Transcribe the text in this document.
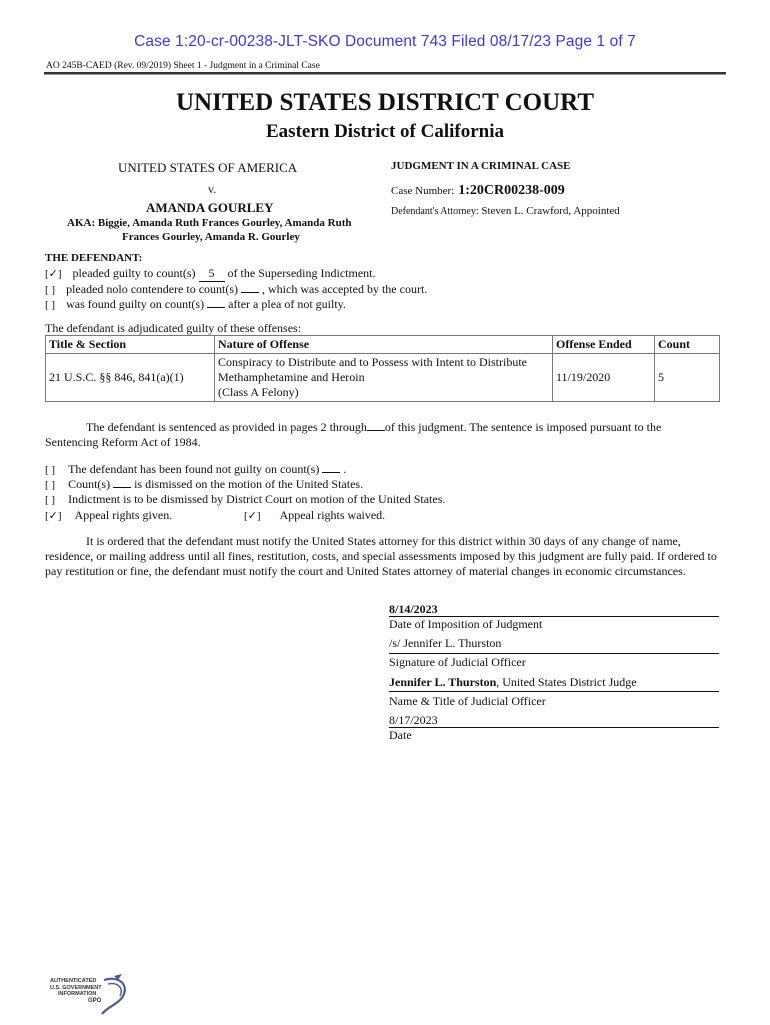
Case 1:20-cr-00238-JLT-SKO Document 743 Filed 08/17/23 Page 1 of 7
AO 245B-CAED (Rev. 09/2019) Sheet 1 - Judgment in a Criminal Case
UNITED STATES DISTRICT COURT
Eastern District of California
UNITED STATES OF AMERICA
v.
AMANDA GOURLEY
AKA: Biggie, Amanda Ruth Frances Gourley, Amanda Ruth
Frances Gourley, Amanda R. Gourley
JUDGMENT IN A CRIMINAL CASE
Case Number: 1:20CR00238-009
Defendant's Attorney: Steven L. Crawford, Appointed
THE DEFENDANT:
[✓] pleaded guilty to count(s) 5 of the Superseding Indictment.
[ ] pleaded nolo contendere to count(s) , which was accepted by the court.
[ ] was found guilty on count(s) after a plea of not guilty.
The defendant is adjudicated guilty of these offenses:
Title & Section	Nature of Offense	Offense Ended	Count
21 U.S.C. §§ 846, 841(a)(1)	Conspiracy to Distribute and to Possess with Intent to Distribute
Methamphetamine and Heroin
(Class A Felony)	11/19/2020	5
The defendant is sentenced as provided in pages 2 through of this judgment. The sentence is imposed pursuant to the
Sentencing Reform Act of 1984.
[ ] The defendant has been found not guilty on count(s) .
[ ] Count(s) is dismissed on the motion of the United States.
[ ] Indictment is to be dismissed by District Court on motion of the United States.
[✓] Appeal rights given.	[✓] Appeal rights waived.
It is ordered that the defendant must notify the United States attorney for this district within 30 days of any change of name, residence, or mailing address until all fines, restitution, costs, and special assessments imposed by this judgment are fully paid. If ordered to pay restitution or fine, the defendant must notify the court and United States attorney of material changes in economic circumstances.
8/14/2023
Date of Imposition of Judgment
/s/ Jennifer L. Thurston
Signature of Judicial Officer
Jennifer L. Thurston, United States District Judge
Name & Title of Judicial Officer
8/17/2023
Date
AUTHENTICATED
U.S. GOVERNMENT
INFORMATION
GPO
